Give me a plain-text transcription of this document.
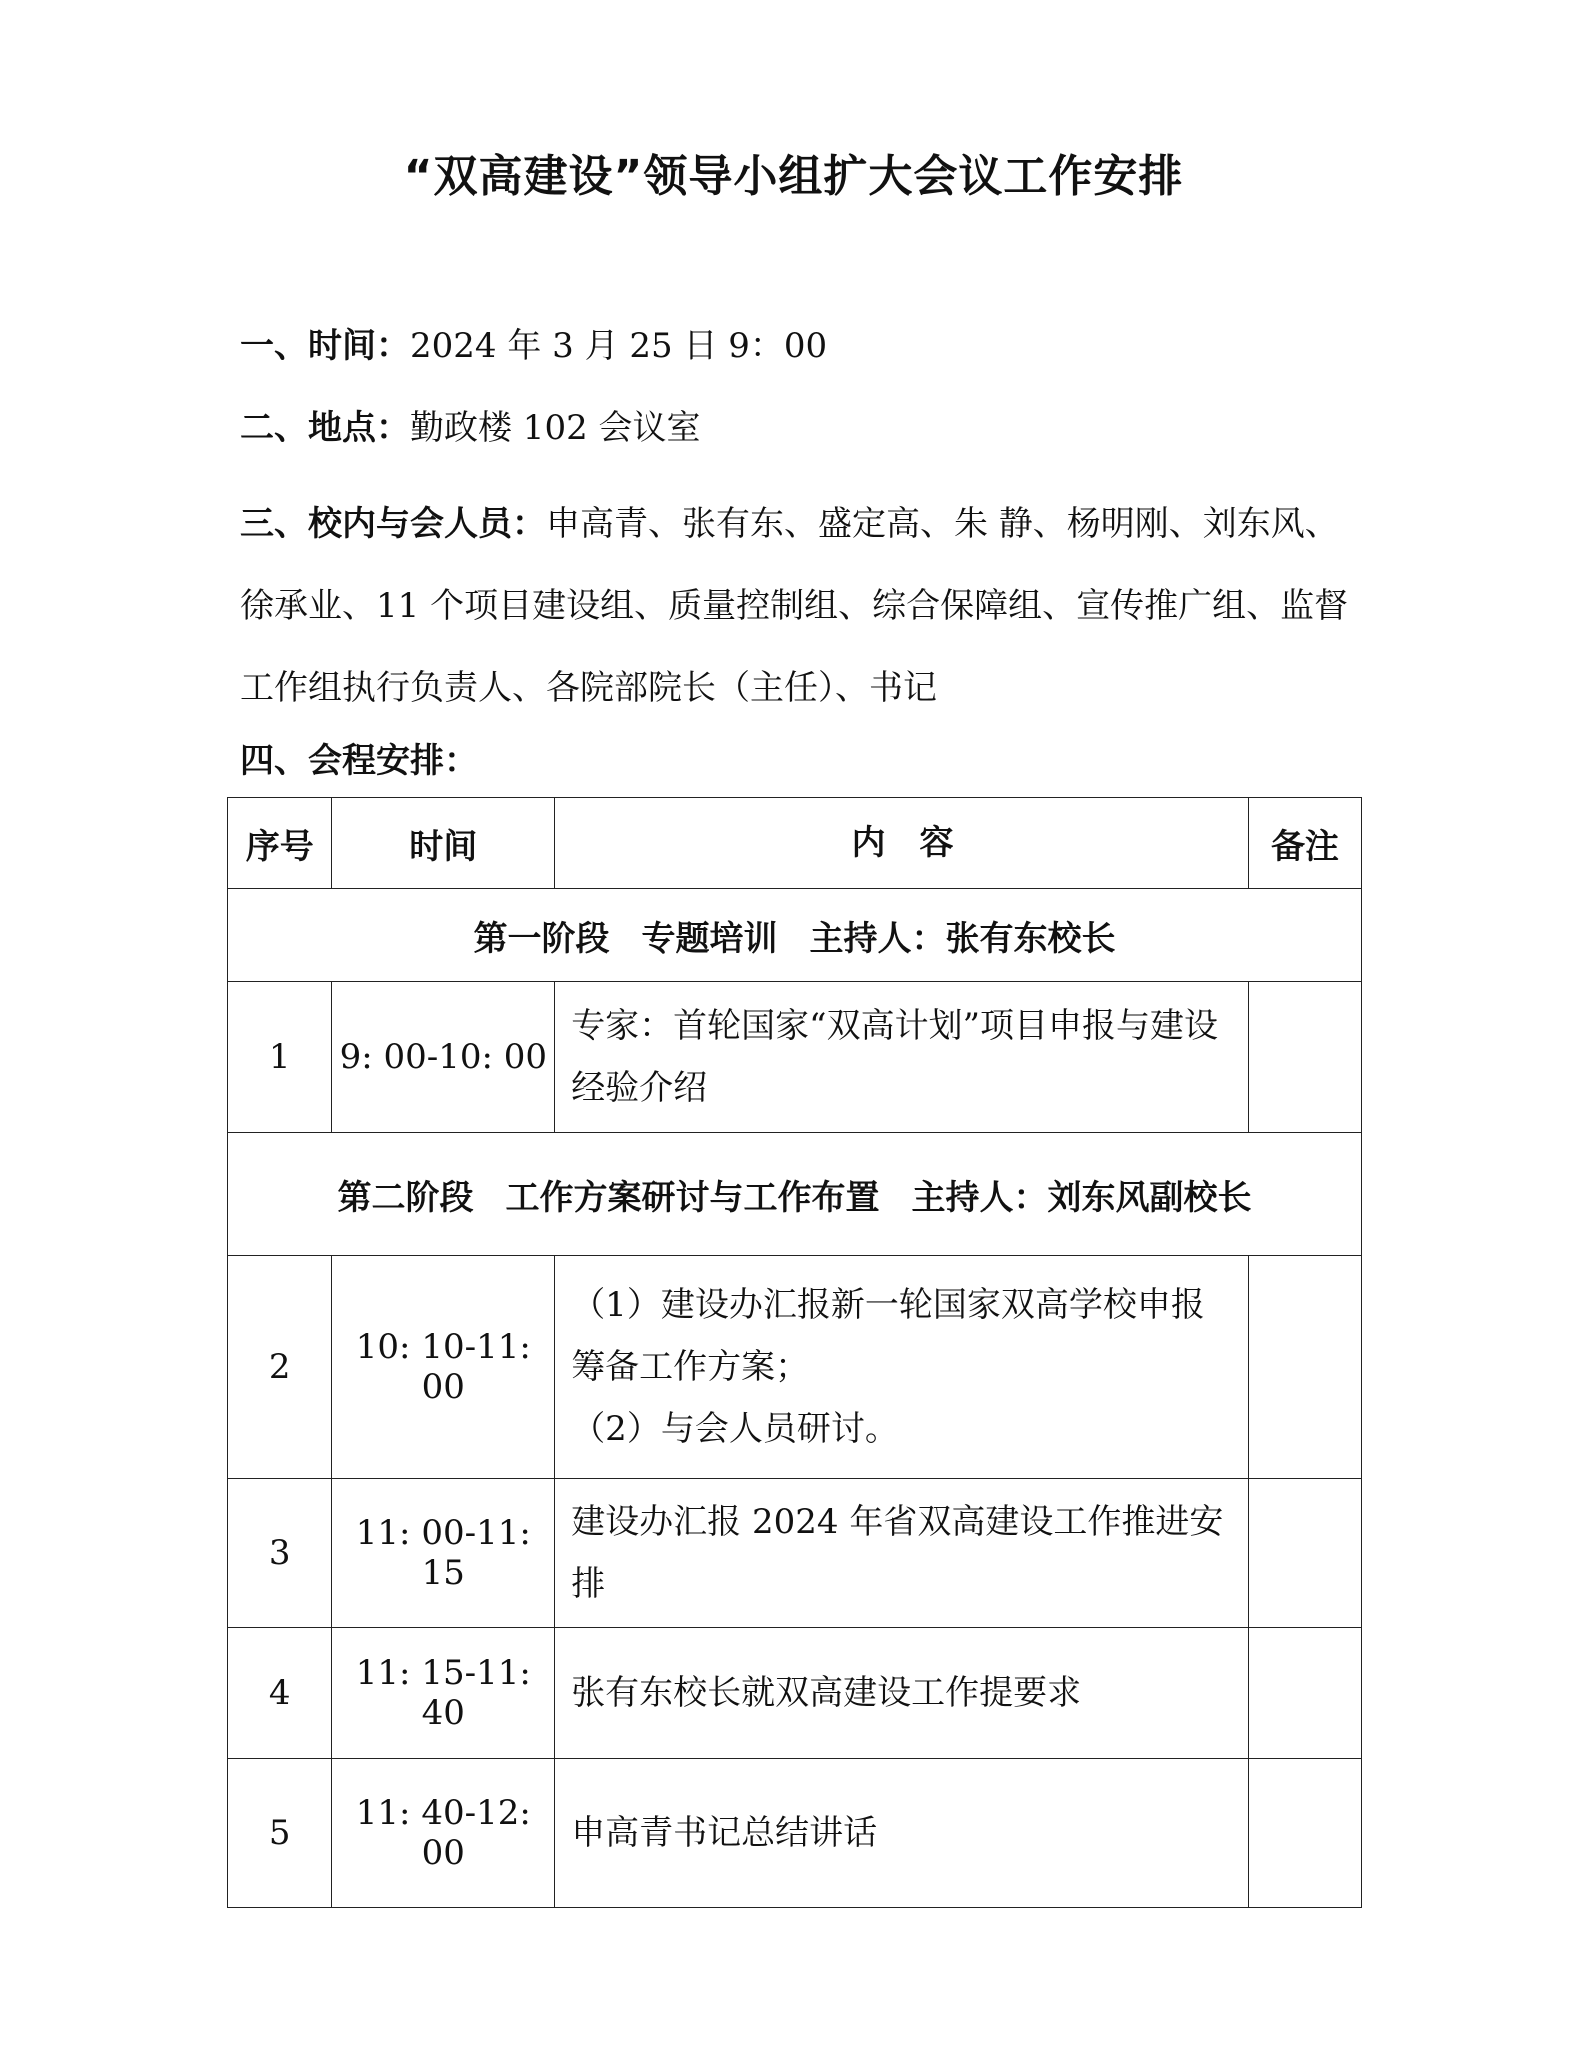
“双高建设”领导小组扩大会议工作安排
一、时间：2024 年 3 月 25 日 9：00
二、地点：勤政楼 102 会议室
三、校内与会人员：申高青、张有东、盛定高、朱 静、杨明刚、刘东风、徐承业、11 个项目建设组、质量控制组、综合保障组、宣传推广组、监督工作组执行负责人、各院部院长（主任）、书记
四、会程安排：
序号	时间	内　容	备注
第一阶段 专题培训 主持人：张有东校长			
1	9: 00-10: 00	专家：首轮国家“双高计划”项目申报与建设经验介绍	

第二阶段 工作方案研讨与工作布置 主持人：刘东风副校长			
2	10: 10-11: 00	（1）建设办汇报新一轮国家双高学校申报筹备工作方案；
（2）与会人员研讨。	

3	11: 00-11: 15	建设办汇报 2024 年省双高建设工作推进安排	

4	11: 15-11: 40	张有东校长就双高建设工作提要求	

5	11: 40-12: 00	申高青书记总结讲话	
